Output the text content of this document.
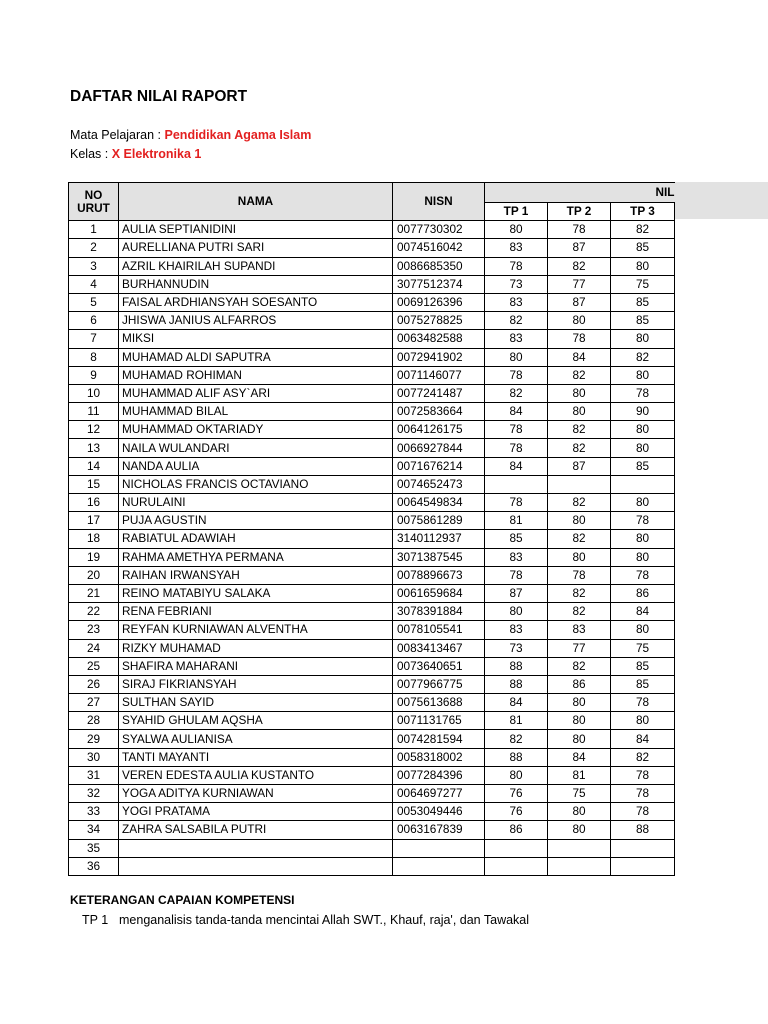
DAFTAR NILAI RAPORT
Mata Pelajaran : Pendidikan Agama Islam
Kelas : X Elektronika 1
NO URUT	NAMA	NISN	NIL		
			TP 1	TP 2	TP 3
1	AULIA SEPTIANIDINI	0077730302	80	78	82
2	AURELLIANA PUTRI SARI	0074516042	83	87	85
3	AZRIL KHAIRILAH SUPANDI	0086685350	78	82	80
4	BURHANNUDIN	3077512374	73	77	75
5	FAISAL ARDHIANSYAH SOESANTO	0069126396	83	87	85
6	JHISWA JANIUS ALFARROS	0075278825	82	80	85
7	MIKSI	0063482588	83	78	80
8	MUHAMAD ALDI SAPUTRA	0072941902	80	84	82
9	MUHAMAD ROHIMAN	0071146077	78	82	80
10	MUHAMMAD ALIF ASY`ARI	0077241487	82	80	78
11	MUHAMMAD BILAL	0072583664	84	80	90
12	MUHAMMAD OKTARIADY	0064126175	78	82	80
13	NAILA WULANDARI	0066927844	78	82	80
14	NANDA AULIA	0071676214	84	87	85
15	NICHOLAS FRANCIS OCTAVIANO	0074652473			
16	NURULAINI	0064549834	78	82	80
17	PUJA AGUSTIN	0075861289	81	80	78
18	RABIATUL ADAWIAH	3140112937	85	82	80
19	RAHMA AMETHYA PERMANA	3071387545	83	80	80
20	RAIHAN IRWANSYAH	0078896673	78	78	78
21	REINO MATABIYU SALAKA	0061659684	87	82	86
22	RENA FEBRIANI	3078391884	80	82	84
23	REYFAN KURNIAWAN ALVENTHA	0078105541	83	83	80
24	RIZKY MUHAMAD	0083413467	73	77	75
25	SHAFIRA MAHARANI	0073640651	88	82	85
26	SIRAJ FIKRIANSYAH	0077966775	88	86	85
27	SULTHAN SAYID	0075613688	84	80	78
28	SYAHID GHULAM AQSHA	0071131765	81	80	80
29	SYALWA AULIANISA	0074281594	82	80	84
30	TANTI MAYANTI	0058318002	88	84	82
31	VEREN EDESTA AULIA KUSTANTO	0077284396	80	81	78
32	YOGA ADITYA KURNIAWAN	0064697277	76	75	78
33	YOGI PRATAMA	0053049446	76	80	78
34	ZAHRA SALSABILA PUTRI	0063167839	86	80	88
35					
36					
KETERANGAN CAPAIAN KOMPETENSI
TP 1 menganalisis tanda-tanda mencintai Allah SWT., Khauf, raja', dan Tawakal
